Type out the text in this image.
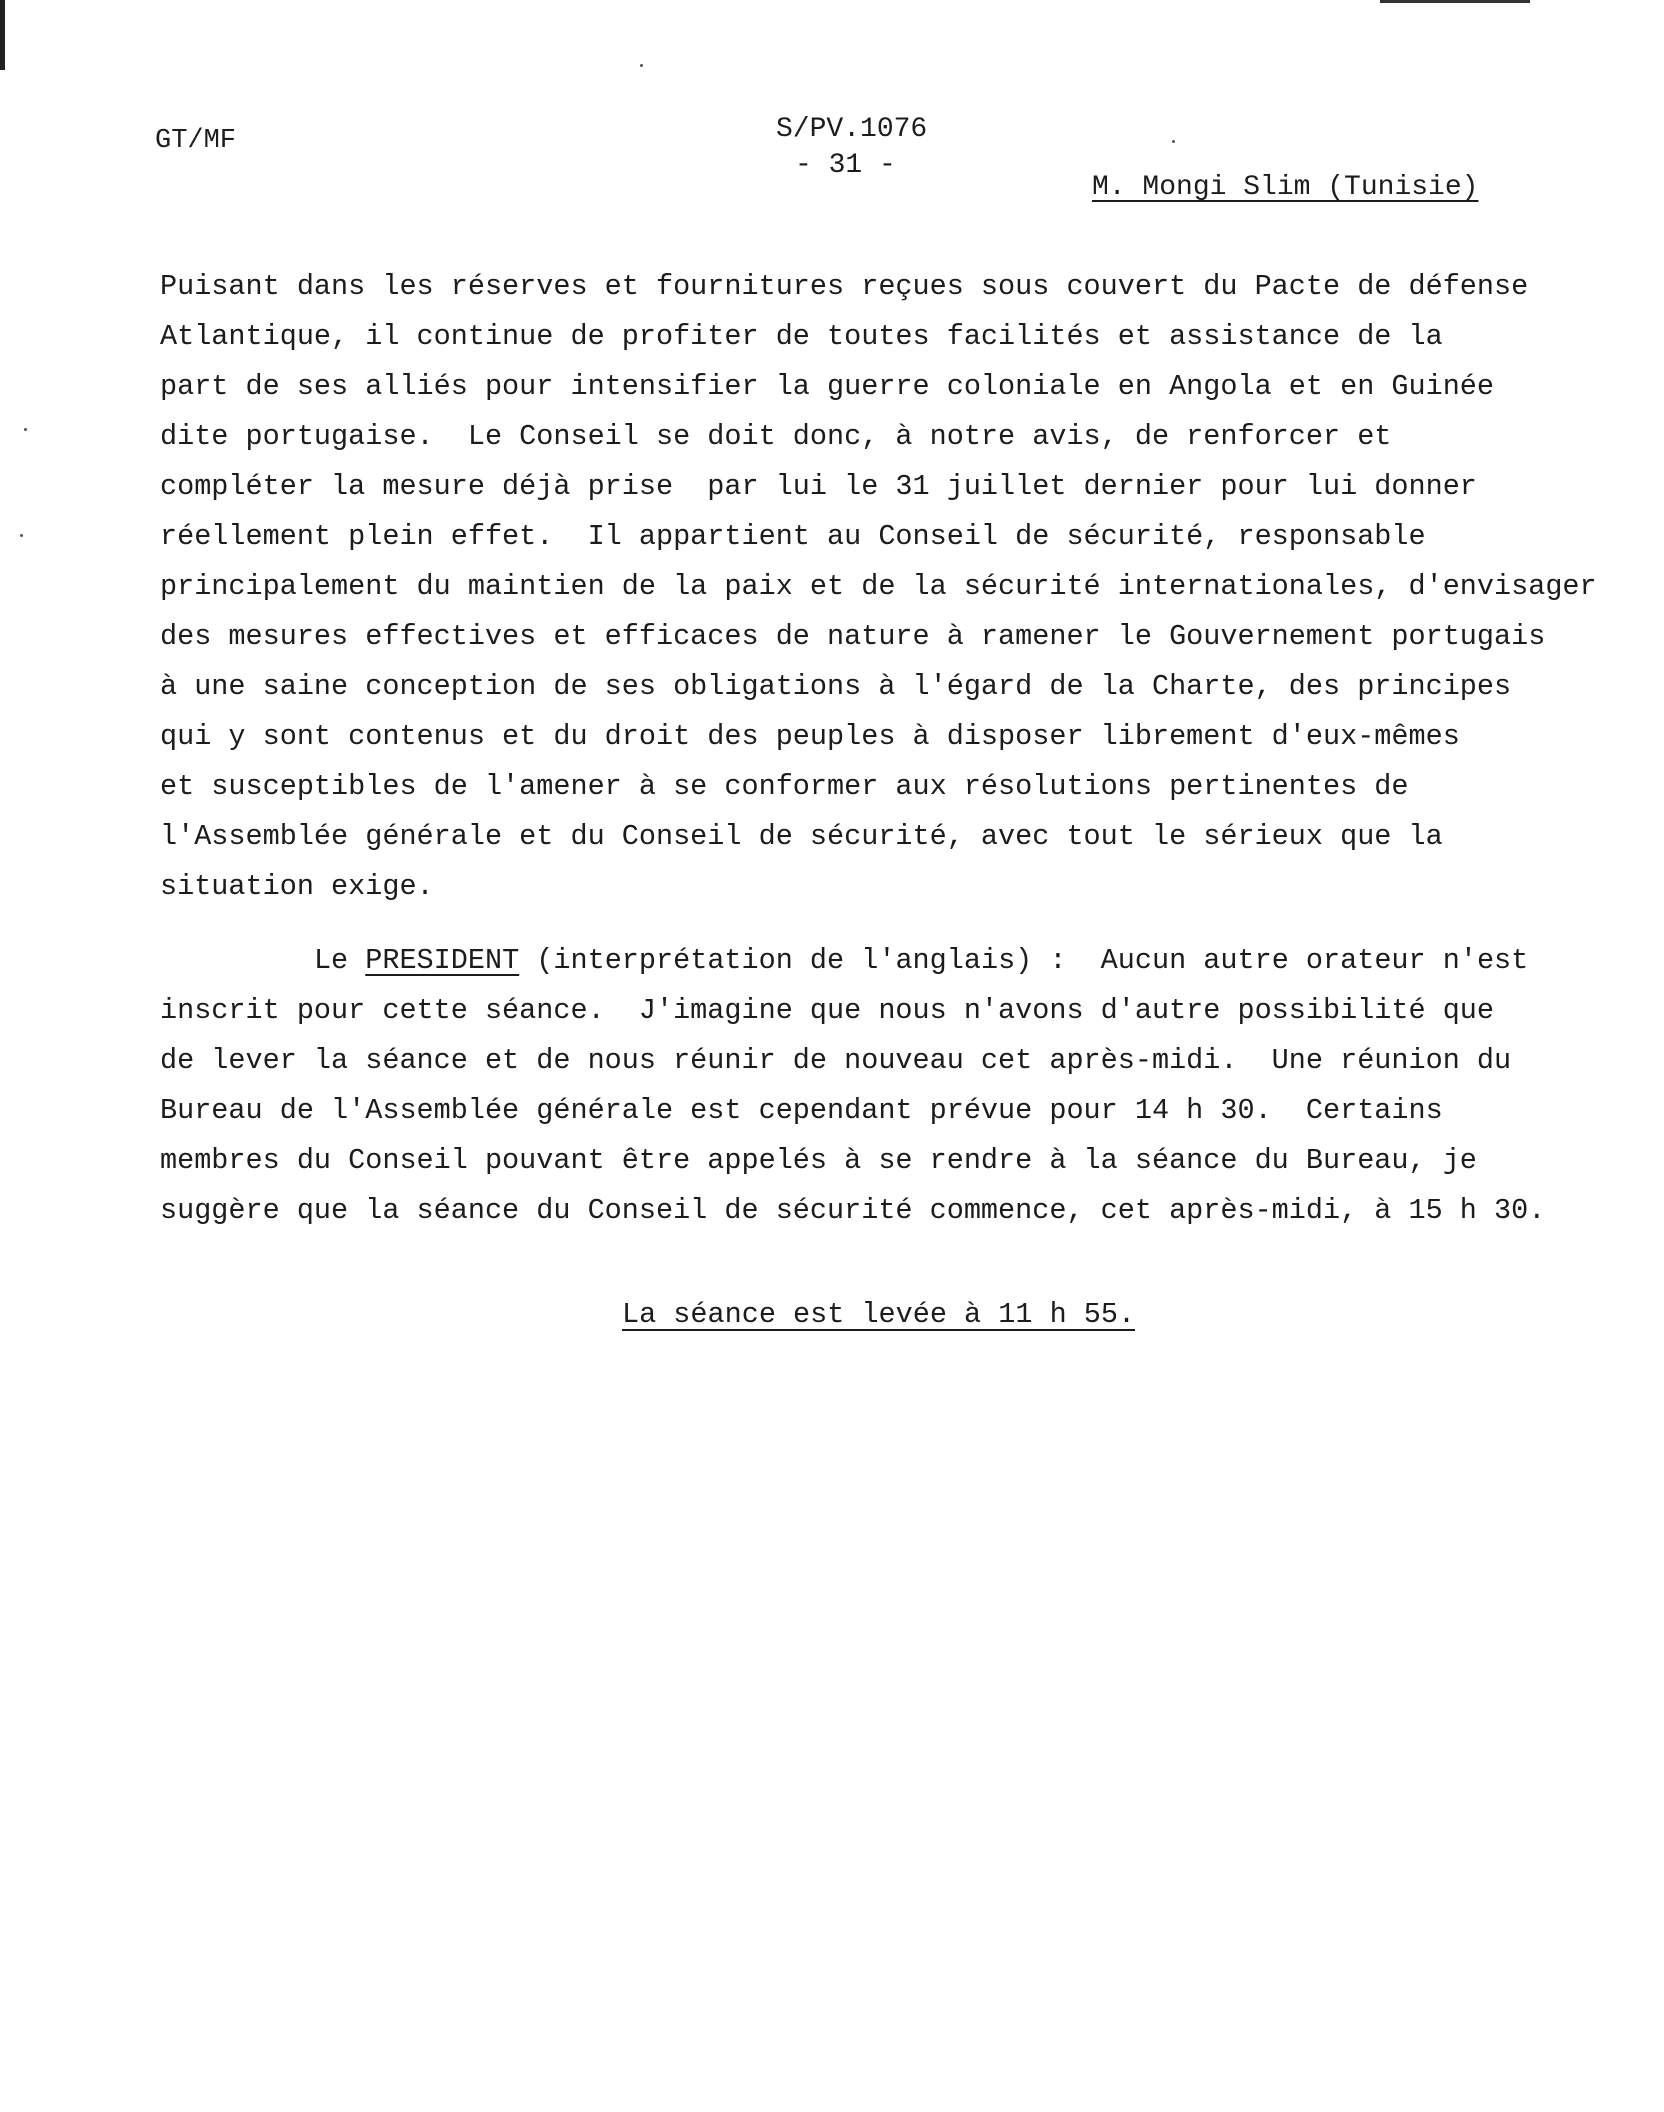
GT/MF	S/PV.1076
- 31 -
M. Mongi Slim (Tunisie)
Puisant dans les réserves et fournitures reçues sous couvert du Pacte de défense
Atlantique, il continue de profiter de toutes facilités et assistance de la
part de ses alliés pour intensifier la guerre coloniale en Angola et en Guinée
dite portugaise.  Le Conseil se doit donc, à notre avis, de renforcer et
compléter la mesure déjà prise  par lui le 31 juillet dernier pour lui donner
réellement plein effet.  Il appartient au Conseil de sécurité, responsable
principalement du maintien de la paix et de la sécurité internationales, d'envisager
des mesures effectives et efficaces de nature à ramener le Gouvernement portugais
à une saine conception de ses obligations à l'égard de la Charte, des principes
qui y sont contenus et du droit des peuples à disposer librement d'eux-mêmes
et susceptibles de l'amener à se conformer aux résolutions pertinentes de
l'Assemblée générale et du Conseil de sécurité, avec tout le sérieux que la
situation exige.
Le PRESIDENT (interprétation de l'anglais) :  Aucun autre orateur n'est
inscrit pour cette séance.  J'imagine que nous n'avons d'autre possibilité que
de lever la séance et de nous réunir de nouveau cet après-midi.  Une réunion du
Bureau de l'Assemblée générale est cependant prévue pour 14 h 30.  Certains
membres du Conseil pouvant être appelés à se rendre à la séance du Bureau, je
suggère que la séance du Conseil de sécurité commence, cet après-midi, à 15 h 30.
La séance est levée à 11 h 55.
